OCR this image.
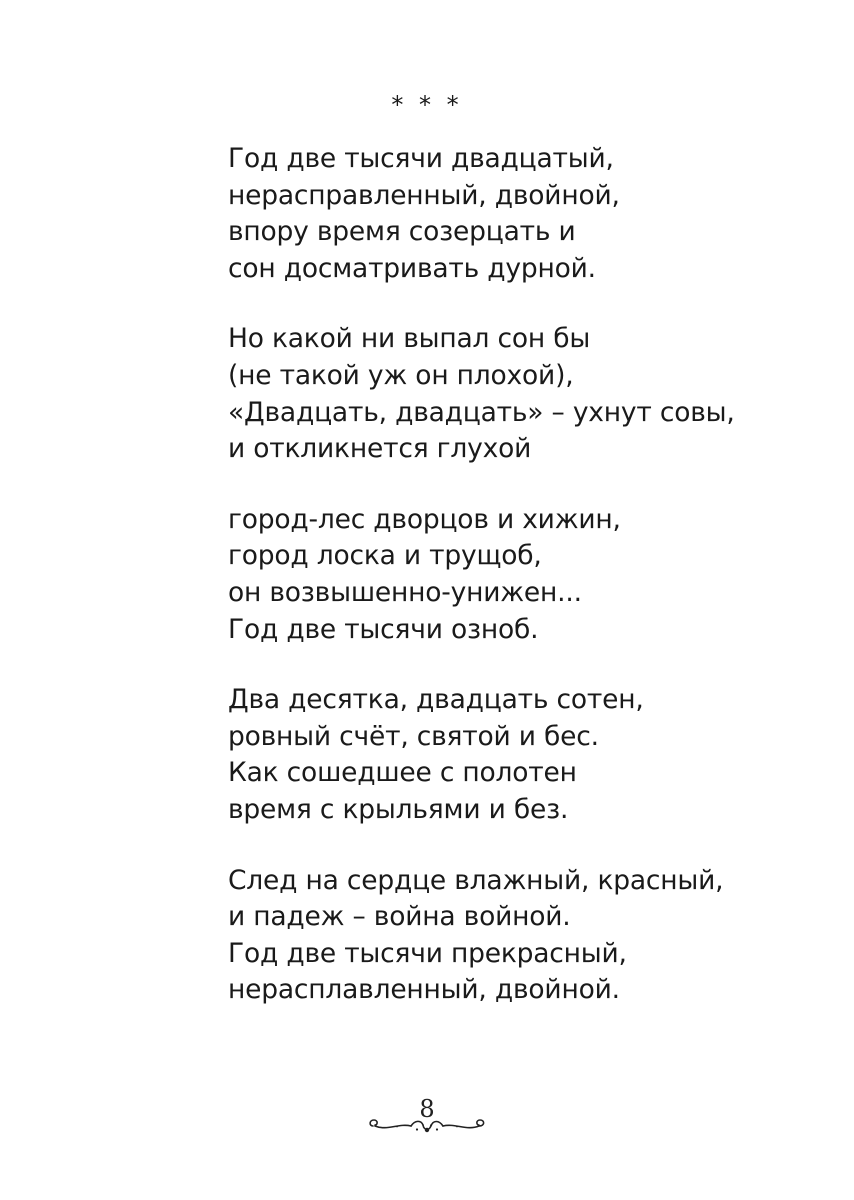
* * *
Год две тысячи двадцатый,
нерасправленный, двойной,
впору время созерцать и
сон досматривать дурной.
Но какой ни выпал сон бы
(не такой уж он плохой),
«Двадцать, двадцать» – ухнут совы,
и откликнется глухой
город-лес дворцов и хижин,
город лоска и трущоб,
он возвышенно-унижен...
Год две тысячи озноб.
Два десятка, двадцать сотен,
ровный счёт, святой и бес.
Как сошедшее с полотен
время с крыльями и без.
След на сердце влажный, красный,
и падеж – война войной.
Год две тысячи прекрасный,
нерасплавленный, двойной.
8
